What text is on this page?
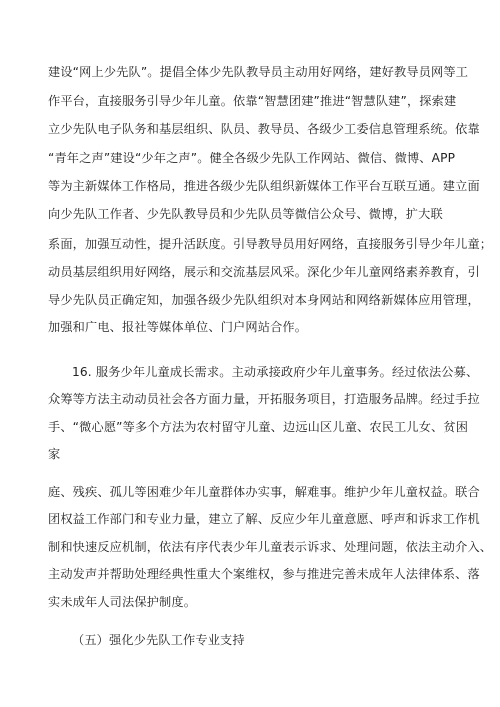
建设“网上少先队”。提倡全体少先队教导员主动用好网络，建好教导员网等工
作平台，直接服务引导少年儿童。依靠“智慧团建”推进“智慧队建”，探索建
立少先队电子队务和基层组织、队员、教导员、各级少工委信息管理系统。依靠
“青年之声”建设“少年之声”。健全各级少先队工作网站、微信、微博、APP
等为主新媒体工作格局，推进各级少先队组织新媒体工作平台互联互通。建立面
向少先队工作者、少先队教导员和少先队员等微信公众号、微博，扩大联
系面，加强互动性，提升活跃度。引导教导员用好网络，直接服务引导少年儿童；
动员基层组织用好网络，展示和交流基层风采。深化少年儿童网络素养教育，引
导少先队员正确定知，加强各级少先队组织对本身网站和网络新媒体应用管理，
加强和广电、报社等媒体单位、门户网站合作。
16. 服务少年儿童成长需求。主动承接政府少年儿童事务。经过依法公募、
众筹等方法主动动员社会各方面力量，开拓服务项目，打造服务品牌。经过手拉
手、“微心愿”等多个方法为农村留守儿童、边远山区儿童、农民工儿女、贫困
家
庭、残疾、孤儿等困难少年儿童群体办实事，解难事。维护少年儿童权益。联合
团权益工作部门和专业力量，建立了解、反应少年儿童意愿、呼声和诉求工作机
制和快速反应机制，依法有序代表少年儿童表示诉求、处理问题，依法主动介入、
主动发声并帮助处理经典性重大个案维权，参与推进完善未成年人法律体系、落
实未成年人司法保护制度。
（五）强化少先队工作专业支持
